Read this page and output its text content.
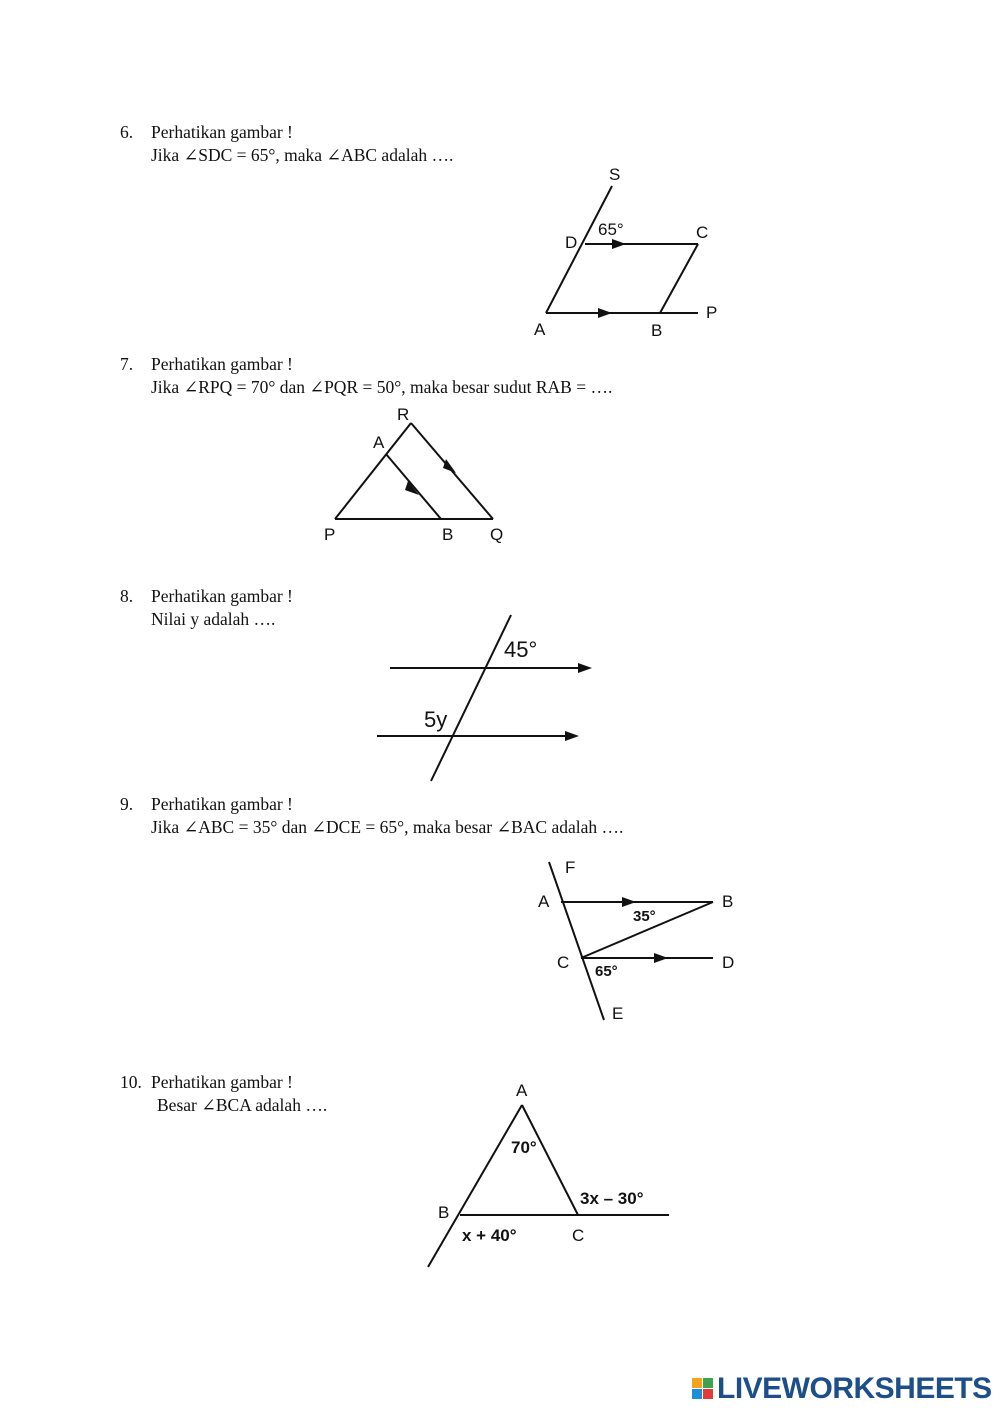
6. Perhatikan gambar !
Jika ∠SDC = 65°, maka ∠ABC adalah ….
7. Perhatikan gambar !
Jika ∠RPQ = 70° dan ∠PQR = 50°, maka besar sudut RAB = ….
8. Perhatikan gambar !
Nilai y adalah ….
9. Perhatikan gambar !
Jika ∠ABC = 35° dan ∠DCE = 65°, maka besar ∠BAC adalah ….
10. Perhatikan gambar !
Besar ∠BCA adalah ….
S
D
C
A	B
P
65°
R
A
P	B Q
45°
5y
F
A	B
C	D
E
35°
65°
A
B
C
70°
3x – 30°
x + 40°
LIVEWORKSHEETS
